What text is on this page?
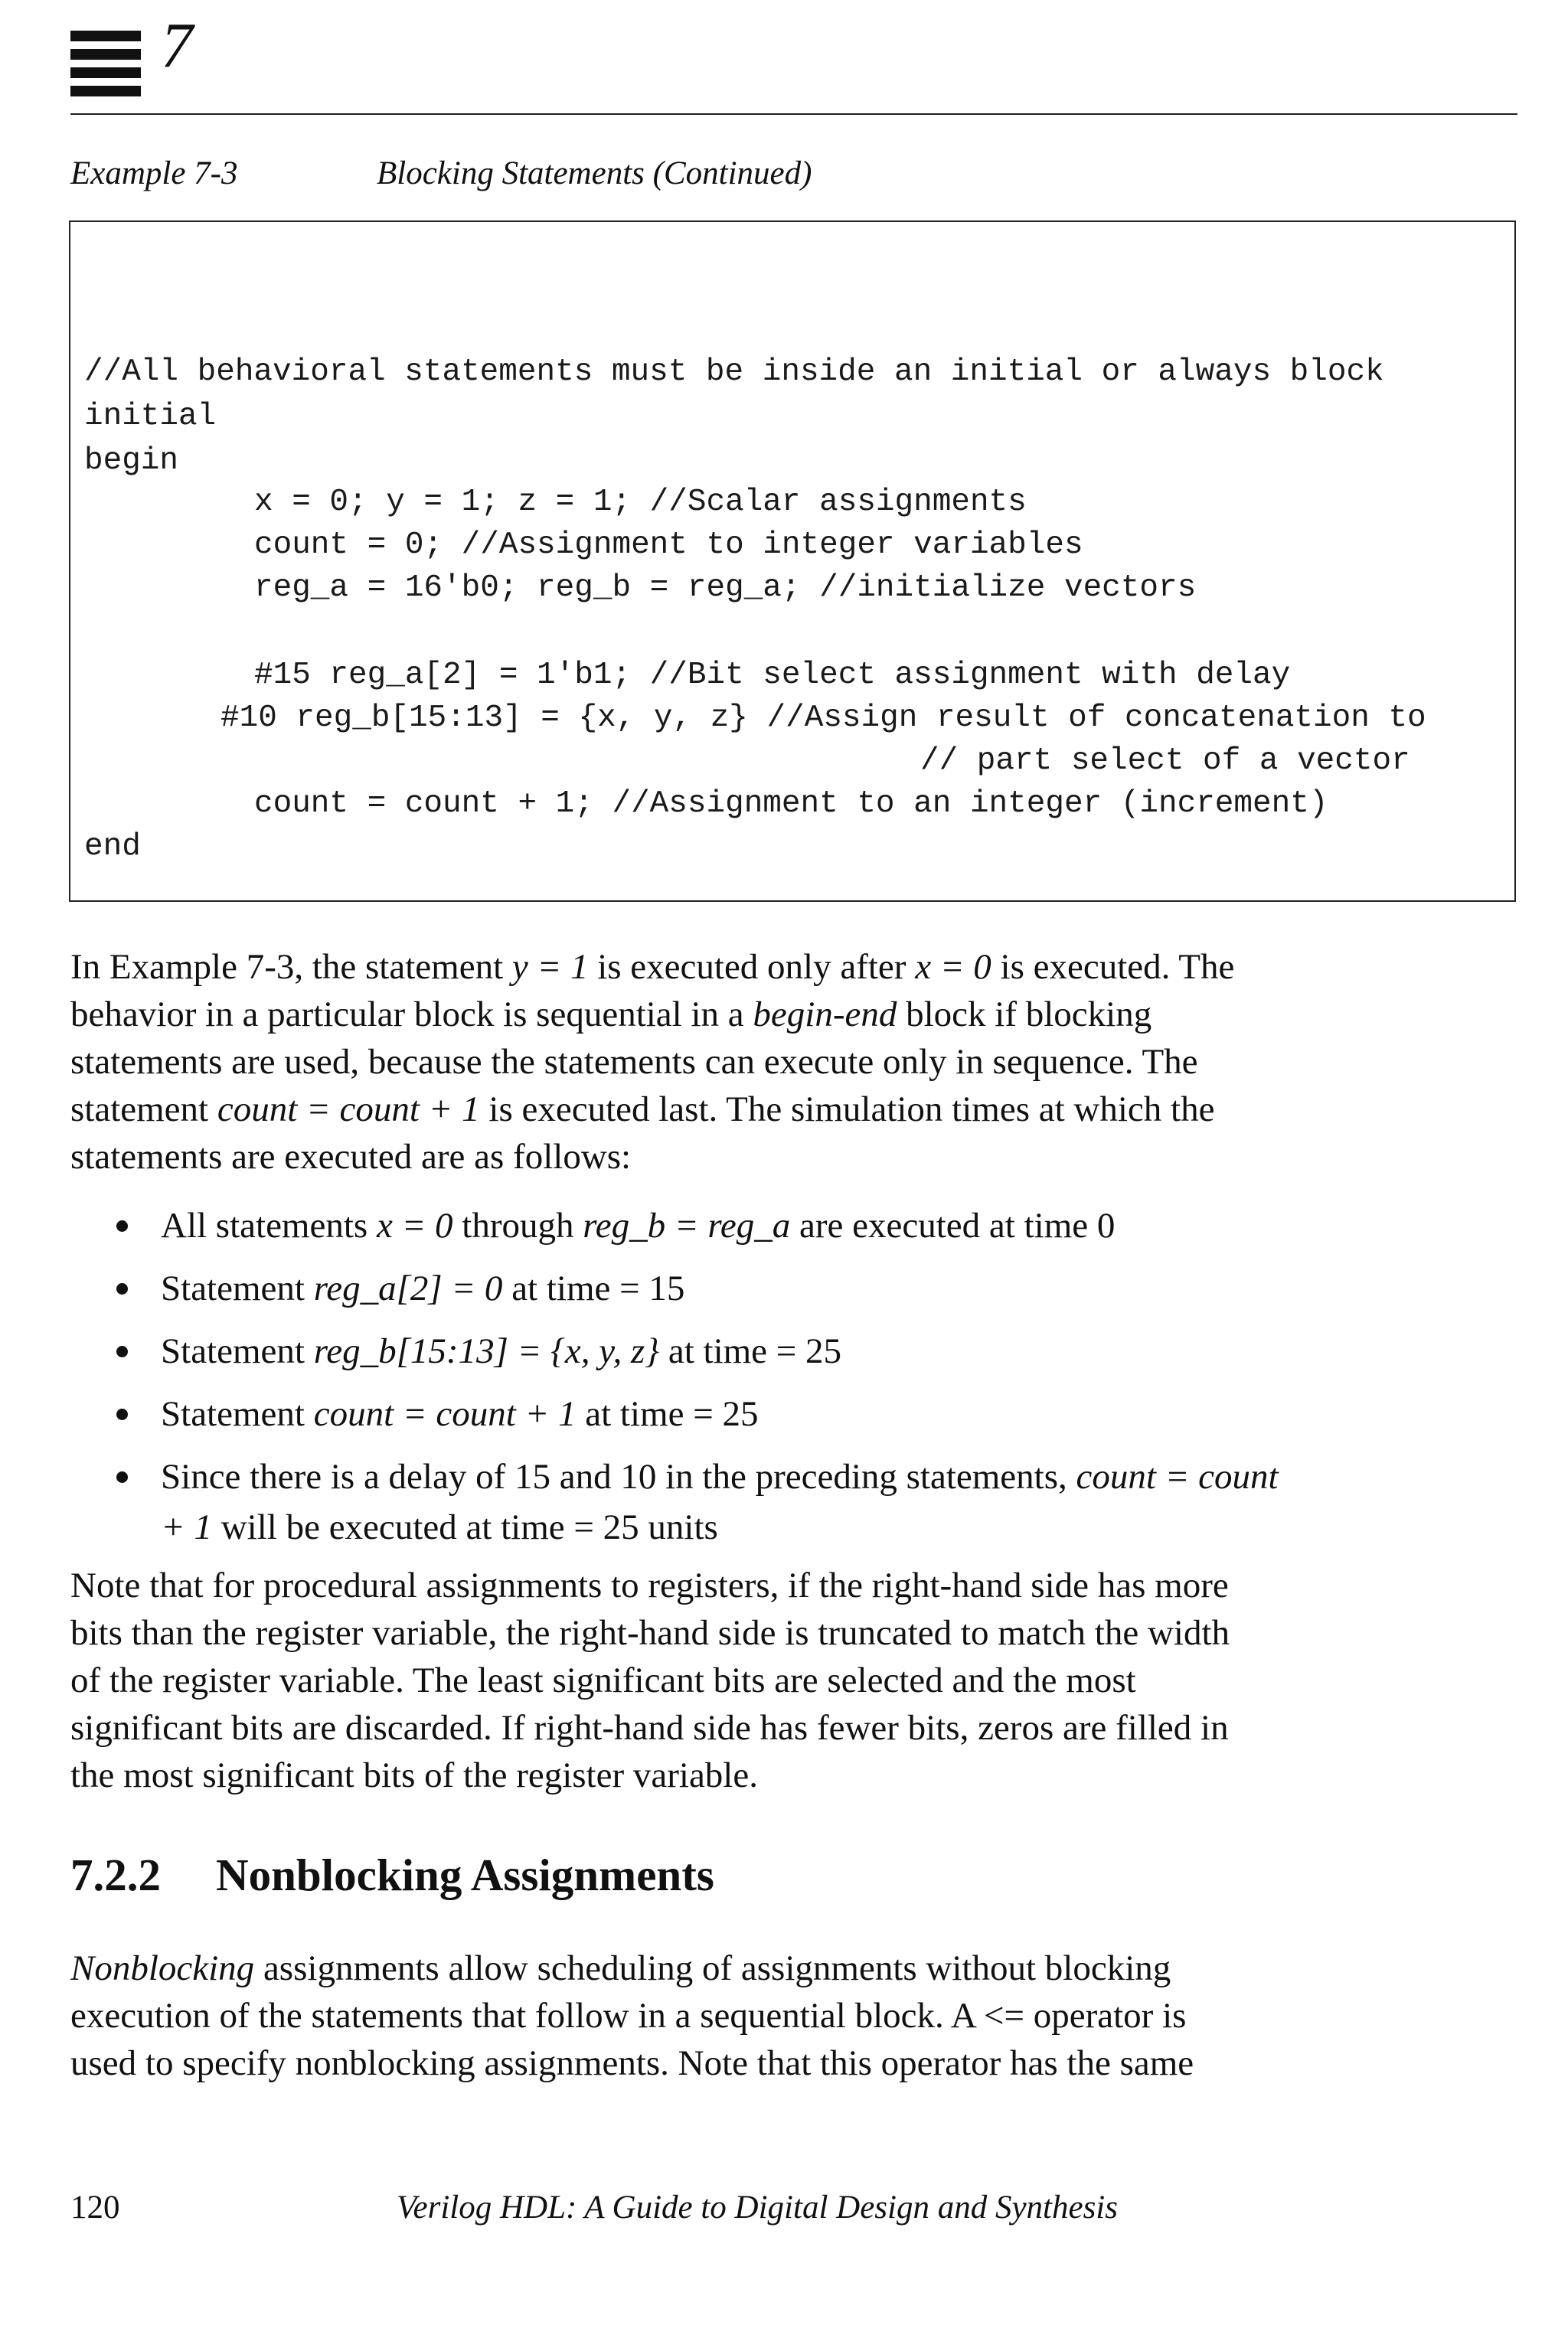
7
Example 7-3	Blocking Statements (Continued)
//All behavioral statements must be inside an initial or always block
initial
begin
x = 0; y = 1; z = 1; //Scalar assignments
count = 0; //Assignment to integer variables
reg_a = 16'b0; reg_b = reg_a; //initialize vectors
#15 reg_a[2] = 1'b1; //Bit select assignment with delay
#10 reg_b[15:13] = {x, y, z} //Assign result of concatenation to
// part select of a vector
count = count + 1; //Assignment to an integer (increment)
end
In Example 7-3, the statement y = 1 is executed only after x = 0 is executed. The
behavior in a particular block is sequential in a begin-end block if blocking
statements are used, because the statements can execute only in sequence. The
statement count = count + 1 is executed last. The simulation times at which the
statements are executed are as follows:
All statements x = 0 through reg_b = reg_a are executed at time 0
Statement reg_a[2] = 0 at time = 15
Statement reg_b[15:13] = {x, y, z} at time = 25
Statement count = count + 1 at time = 25
Since there is a delay of 15 and 10 in the preceding statements, count = count
+ 1 will be executed at time = 25 units
Note that for procedural assignments to registers, if the right-hand side has more
bits than the register variable, the right-hand side is truncated to match the width
of the register variable. The least significant bits are selected and the most
significant bits are discarded. If right-hand side has fewer bits, zeros are filled in
the most significant bits of the register variable.
7.2.2 Nonblocking Assignments
Nonblocking assignments allow scheduling of assignments without blocking
execution of the statements that follow in a sequential block. A <= operator is
used to specify nonblocking assignments. Note that this operator has the same
120	Verilog HDL: A Guide to Digital Design and Synthesis
